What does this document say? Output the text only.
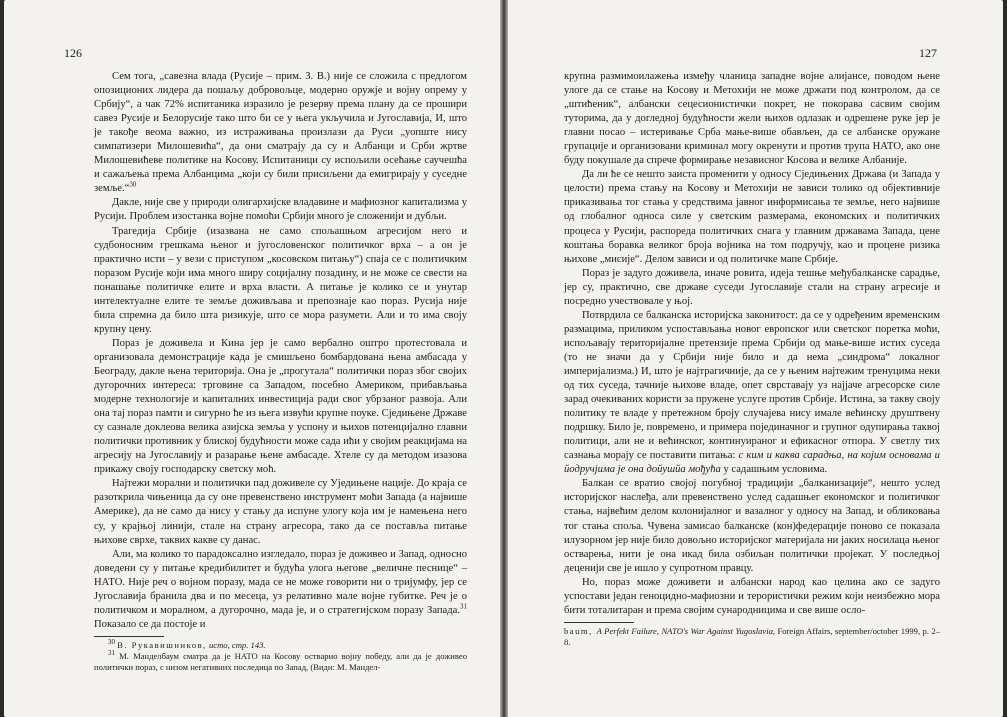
126

Сем тога, „савезна влада (Русије – прим. З. В.) није се сложила с предлогом опозиционих лидера да пошаљу добровољце, модерно оружје и војну опрему у Србију“, а чак 72% испитаника изразило је резерву према плану да се прошири савез Русије и Белорусије тако што би се у њега укључила и Југославија, И, што је такође веома важно, из истраживања произлази да Руси „уопште нису симпатизери Милошевића“, да они сматрају да су и Албанци и Срби жртве Милошевићеве политике на Косову. Испитаници су испољили осећање саучешћа и сажаљења према Албанцима „који су били присиљени да емигрирају у суседне земље.“$^{30}$

Дакле, није све у природи олигархијске владавине и мафиозног капитализма у Русији. Проблем изостанка војне помоћи Србији много је сложенији и дубљи.

Трагедија Србије (изазвана не само спољашњом агресијом него и судбоносним грешкама њеног и југословенског политичког врха – а он је практично исти – у вези с приступом „косовском питању“) спаја се с политичким поразом Русије који има много ширу социјалну позадину, и не може се свести на понашање политичке елите и врха власти. А питање је колико се и унутар интелектуалне елите те земље доживљава и препознаје као пораз. Русија није била спремна да било шта ризикује, што се мора разумети. Али и то има своју крупну цену.

Пораз је доживела и Кина јер је само вербално оштро протестовала и организовала демонстрације када је смишљено бомбардована њена амбасада у Београду, дакле њена територија. Она је „прогутала“ политички пораз због својих дугорочних интереса: трговине са Западом, посебно Америком, прибављања модерне технологије и капиталних инвестиција ради свог убрзаног развоја. Али она тај пораз памти и сигурно ће из њега извући крупне поуке. Сједињене Државе су сазнале доклеова велика азијска земља у успону и њихов потенцијално главни политички противник у блиској будућности може сада ићи у својим реакцијама на агресију на Југославију и разарање њене амбасаде. Хтеле су да методом изазова прикажу своју господарску светску моћ.

Најтежи морални и политички пад доживеле су Уједињене нације. До краја се разоткрила чињеница да су оне превенствено инструмент моћи Запада (а највише Америке), да не само да нису у стању да испуне улогу која им је намењена него су, у крајњој линији, стале на страну агресора, тако да се поставља питање њихове сврхе, таквих какве су данас.

Али, ма колико то парадоксално изгледало, пораз је доживео и Запад, односно доведени су у питање кредибилитет и будућа улога његове „величне песнице“ – НАТО. Није реч о војном поразу, мада се не може говорити ни о тријумфу, јер се Југославија бранила два и по месеца, уз релативно мале војне губитке. Реч је о политичком и моралном, а дугорочно, мада је, и о стратегијском поразу Запада.$^{31}$ Показало се да постоје и

$^{30}$ В. Рукавишников, исто, стр. 143.

$^{31}$ М. Манделбаум сматра да је НАТО на Косову остварио војну победу, али да је доживео политички пораз, с низом негативних последица по Запад, (Види: М. Мандел-

127

крупна размимоилажења између чланица западне војне алијансе, поводом њене улоге да се стање на Косову и Метохији не може држати под контролом, да се „штићеник“, албански сецесионистички покрет, не покорава сасвим својим туторима, да у догледној будућности жели њихов одлазак и одрешене руке јер је главни посао – истеривање Срба мање-више обављен, да се албанске оружане групације и организовани криминал могу окренути и против трупа НАТО, ако оне буду покушале да спрече формирање независног Косова и велике Албаније.

Да ли ће се нешто заиста променити у односу Сједињених Држава (и Запада у целости) према стању на Косову и Метохији не зависи толико од објективније приказивања тог стања у средствима јавног информисања те земље, него највише од глобалног односа силе у светским размерама, економских и политичких процеса у Русији, распореда политичких снага у главним државама Запада, цене коштања боравка великог броја војника на том подручју, као и процене ризика њихове „мисије“. Делом зависи и од политичке мапе Србије.

Пораз је задуго доживела, иначе ровита, идеја тешње међубалканске сарадње, јер су, практично, све државе суседи Југославије стали на страну агресије и посредно учествовале у њој.

Потврдила се балканска историјска законитост: да се у одређеним временским размацима, приликом успостављања новог европског или светског поретка моћи, испољавају територијалне претензије према Србији од мање-више истих суседа (то не значи да у Србији није било и да нема „синдрома“ локалног империјализма.) И, што је најтрагичније, да се у њеним најтежим тренуцима неки од тих суседа, тачније њихове владе, опет сврставају уз најјаче агресорске силе зарад очекиваних користи за пружене услуге против Србије. Истина, за такву своју политику те владе у претежном броју случајева нису имале већинску друштвену подршку. Било је, повремено, и примера појединачног и групног одупирања таквој политици, али не и већинског, континуираног и ефикасног отпора. У светлу тих сазнања морају се поставити питања: с ким и каква сарадња, на којим основама и йодручјима је она дойушйа мођућа у садашњим условима.

Балкан се вратио својој погубној традицији „балканизације“, нешто услед историјског наслеђа, али превенствено услед садашњег економског и политичког стања, највећим делом колонијалног и вазалног у односу на Запад, и обликовања тог стања споља. Чувена замисао балканске (кон)федерације поново се показала илузорном јер није било довољно историјског материјала ни јаких носилаца њеног остварења, нити је она икад била озбиљан политички пројекат. У последњој деценији све је ишло у супротном правцу.

Но, пораз може доживети и албански народ као целина ако се задуго успостави један геноцидно-мафиозни и терористички режим који неизбежно мора бити тоталитаран и према својим сународницима и све више осло-

baum, A Perfekt Failure, NATO's War Against Yugoslavia, Foreign Affairs, september/october 1999, p. 2–8.
